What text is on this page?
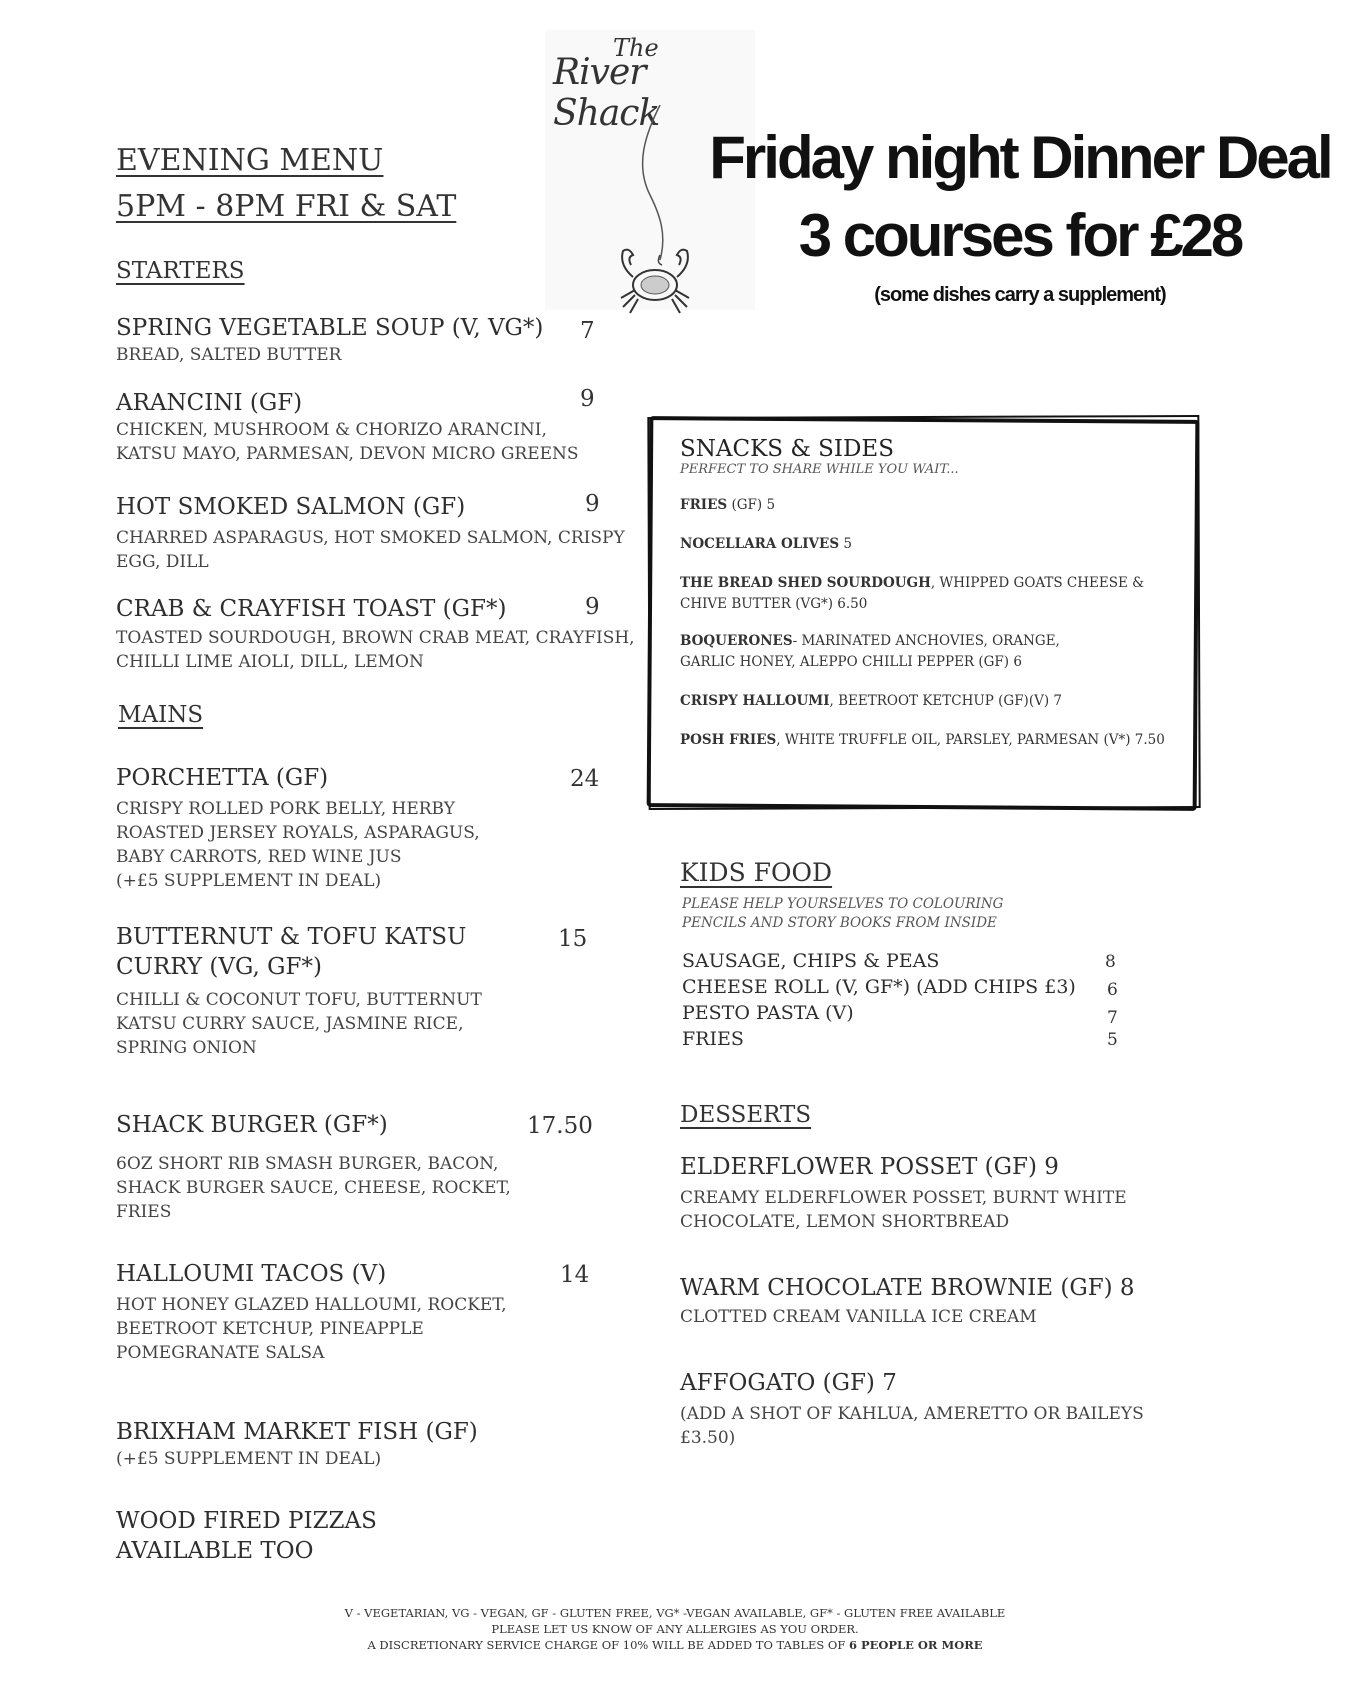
The
River Shack
EVENING MENU
5PM - 8PM FRI & SAT
Friday night Dinner Deal
3 courses for £28
(some dishes carry a supplement)
STARTERS
SPRING VEGETABLE SOUP (V, VG*)
BREAD, SALTED BUTTER
7
ARANCINI (GF)
CHICKEN, MUSHROOM & CHORIZO ARANCINI,
KATSU MAYO, PARMESAN, DEVON MICRO GREENS
9
HOT SMOKED SALMON (GF)
CHARRED ASPARAGUS, HOT SMOKED SALMON, CRISPY
EGG, DILL
9
CRAB & CRAYFISH TOAST (GF*)
TOASTED SOURDOUGH, BROWN CRAB MEAT, CRAYFISH,
CHILLI LIME AIOLI, DILL, LEMON
9
MAINS
PORCHETTA (GF)
CRISPY ROLLED PORK BELLY, HERBY
ROASTED JERSEY ROYALS, ASPARAGUS,
BABY CARROTS, RED WINE JUS
(+£5 SUPPLEMENT IN DEAL)
24
BUTTERNUT & TOFU KATSU
CURRY (VG, GF*)
CHILLI & COCONUT TOFU, BUTTERNUT
KATSU CURRY SAUCE, JASMINE RICE,
SPRING ONION
15
SHACK BURGER (GF*)
6OZ SHORT RIB SMASH BURGER, BACON,
SHACK BURGER SAUCE, CHEESE, ROCKET,
FRIES
17.50
HALLOUMI TACOS (V)
HOT HONEY GLAZED HALLOUMI, ROCKET,
BEETROOT KETCHUP, PINEAPPLE
POMEGRANATE SALSA
14
BRIXHAM MARKET FISH (GF)
(+£5 SUPPLEMENT IN DEAL)
WOOD FIRED PIZZAS
AVAILABLE TOO
SNACKS & SIDES
PERFECT TO SHARE WHILE YOU WAIT...
FRIES (GF) 5
NOCELLARA OLIVES 5
THE BREAD SHED SOURDOUGH, WHIPPED GOATS CHEESE &
CHIVE BUTTER (VG*) 6.50
BOQUERONES- MARINATED ANCHOVIES, ORANGE,
GARLIC HONEY, ALEPPO CHILLI PEPPER (GF) 6
CRISPY HALLOUMI, BEETROOT KETCHUP (GF)(V) 7
POSH FRIES, WHITE TRUFFLE OIL, PARSLEY, PARMESAN (V*) 7.50
KIDS FOOD
PLEASE HELP YOURSELVES TO COLOURING
PENCILS AND STORY BOOKS FROM INSIDE
SAUSAGE, CHIPS & PEAS	8
CHEESE ROLL (V, GF*) (ADD CHIPS £3) 6
PESTO PASTA (V)	7
FRIES	5
DESSERTS
ELDERFLOWER POSSET (GF) 9
CREAMY ELDERFLOWER POSSET, BURNT WHITE
CHOCOLATE, LEMON SHORTBREAD
WARM CHOCOLATE BROWNIE (GF) 8
CLOTTED CREAM VANILLA ICE CREAM
AFFOGATO (GF) 7
(ADD A SHOT OF KAHLUA, AMERETTO OR BAILEYS
£3.50)
V - VEGETARIAN, VG - VEGAN, GF - GLUTEN FREE, VG* -VEGAN AVAILABLE, GF* - GLUTEN FREE AVAILABLE
PLEASE LET US KNOW OF ANY ALLERGIES AS YOU ORDER.
A DISCRETIONARY SERVICE CHARGE OF 10% WILL BE ADDED TO TABLES OF 6 PEOPLE OR MORE
